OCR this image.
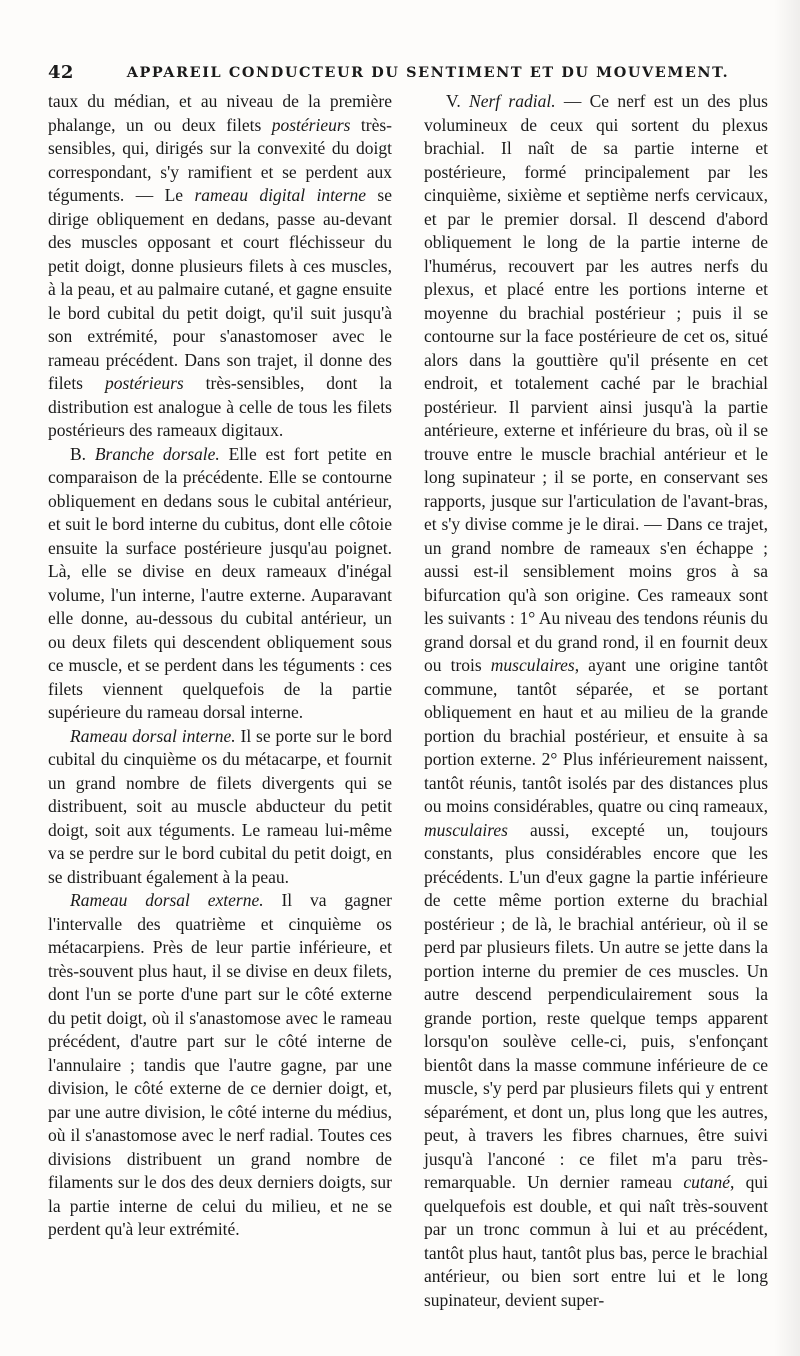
42	APPAREIL CONDUCTEUR DU SENTIMENT ET DU MOUVEMENT.

taux du médian, et au niveau de la première phalange, un ou deux filets postérieurs très-sensibles, qui, dirigés sur la convexité du doigt correspondant, s'y ramifient et se perdent aux téguments. — Le rameau digital interne se dirige obliquement en dedans, passe au-devant des muscles opposant et court fléchisseur du petit doigt, donne plusieurs filets à ces muscles, à la peau, et au palmaire cutané, et gagne ensuite le bord cubital du petit doigt, qu'il suit jusqu'à son extrémité, pour s'anastomoser avec le rameau précédent. Dans son trajet, il donne des filets postérieurs très-sensibles, dont la distribution est analogue à celle de tous les filets postérieurs des rameaux digitaux.

B. Branche dorsale. Elle est fort petite en comparaison de la précédente. Elle se contourne obliquement en dedans sous le cubital antérieur, et suit le bord interne du cubitus, dont elle côtoie ensuite la surface postérieure jusqu'au poignet. Là, elle se divise en deux rameaux d'inégal volume, l'un interne, l'autre externe. Auparavant elle donne, au-dessous du cubital antérieur, un ou deux filets qui descendent obliquement sous ce muscle, et se perdent dans les téguments : ces filets viennent quelquefois de la partie supérieure du rameau dorsal interne.

Rameau dorsal interne. Il se porte sur le bord cubital du cinquième os du métacarpe, et fournit un grand nombre de filets divergents qui se distribuent, soit au muscle abducteur du petit doigt, soit aux téguments. Le rameau lui-même va se perdre sur le bord cubital du petit doigt, en se distribuant également à la peau.

Rameau dorsal externe. Il va gagner l'intervalle des quatrième et cinquième os métacarpiens. Près de leur partie inférieure, et très-souvent plus haut, il se divise en deux filets, dont l'un se porte d'une part sur le côté externe du petit doigt, où il s'anastomose avec le rameau précédent, d'autre part sur le côté interne de l'annulaire ; tandis que l'autre gagne, par une division, le côté externe de ce dernier doigt, et, par une autre division, le côté interne du médius, où il s'anastomose avec le nerf radial. Toutes ces divisions distribuent un grand nombre de filaments sur le dos des deux derniers doigts, sur la partie interne de celui du milieu, et ne se perdent qu'à leur extrémité.

V. Nerf radial. — Ce nerf est un des plus volumineux de ceux qui sortent du plexus brachial. Il naît de sa partie interne et postérieure, formé principalement par les cinquième, sixième et septième nerfs cervicaux, et par le premier dorsal. Il descend d'abord obliquement le long de la partie interne de l'humérus, recouvert par les autres nerfs du plexus, et placé entre les portions interne et moyenne du brachial postérieur ; puis il se contourne sur la face postérieure de cet os, situé alors dans la gouttière qu'il présente en cet endroit, et totalement caché par le brachial postérieur. Il parvient ainsi jusqu'à la partie antérieure, externe et inférieure du bras, où il se trouve entre le muscle brachial antérieur et le long supinateur ; il se porte, en conservant ses rapports, jusque sur l'articulation de l'avant-bras, et s'y divise comme je le dirai. — Dans ce trajet, un grand nombre de rameaux s'en échappe ; aussi est-il sensiblement moins gros à sa bifurcation qu'à son origine. Ces rameaux sont les suivants : 1° Au niveau des tendons réunis du grand dorsal et du grand rond, il en fournit deux ou trois musculaires, ayant une origine tantôt commune, tantôt séparée, et se portant obliquement en haut et au milieu de la grande portion du brachial postérieur, et ensuite à sa portion externe. 2° Plus inférieurement naissent, tantôt réunis, tantôt isolés par des distances plus ou moins considérables, quatre ou cinq rameaux, musculaires aussi, excepté un, toujours constants, plus considérables encore que les précédents. L'un d'eux gagne la partie inférieure de cette même portion externe du brachial postérieur ; de là, le brachial antérieur, où il se perd par plusieurs filets. Un autre se jette dans la portion interne du premier de ces muscles. Un autre descend perpendiculairement sous la grande portion, reste quelque temps apparent lorsqu'on soulève celle-ci, puis, s'enfonçant bientôt dans la masse commune inférieure de ce muscle, s'y perd par plusieurs filets qui y entrent séparément, et dont un, plus long que les autres, peut, à travers les fibres charnues, être suivi jusqu'à l'anconé : ce filet m'a paru très-remarquable. Un dernier rameau cutané, qui quelquefois est double, et qui naît très-souvent par un tronc commun à lui et au précédent, tantôt plus haut, tantôt plus bas, perce le brachial antérieur, ou bien sort entre lui et le long supinateur, devient super-
